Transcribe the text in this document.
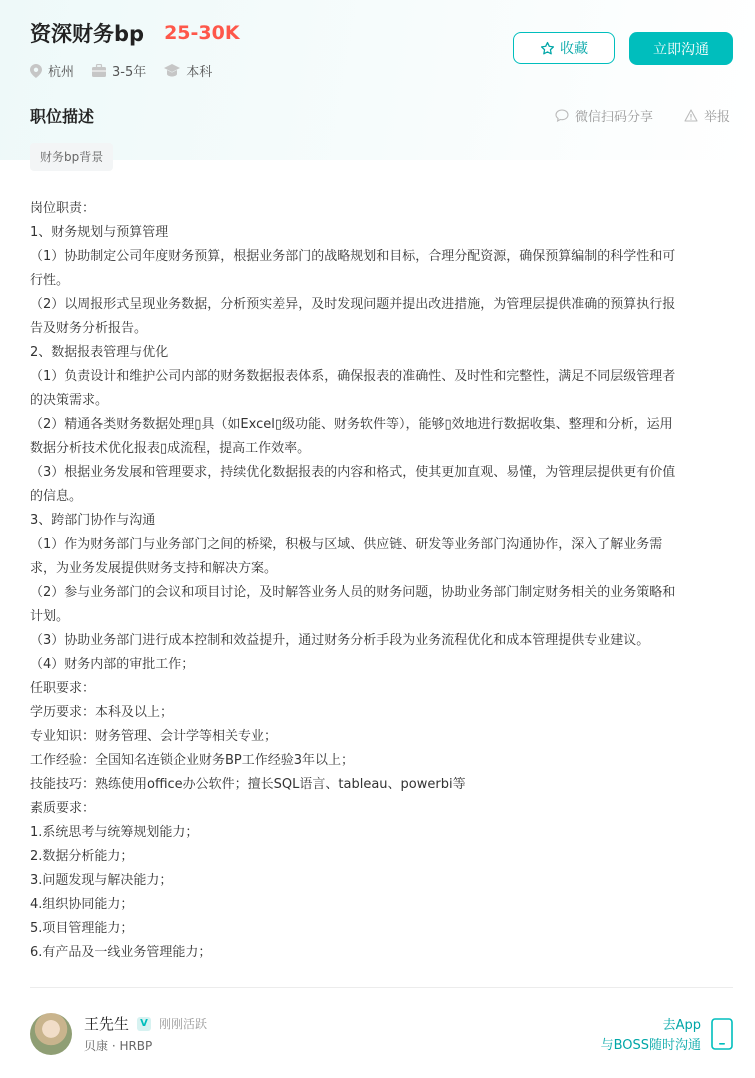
资深财务bp 25-30K
杭州	3-5年	本科
收藏	立即沟通
职位描述	微信扫码分享	举报
财务bp背景
岗位职责：
1、财务规划与预算管理
（1）协助制定公司年度财务预算，根据业务部门的战略规划和目标，合理分配资源，确保预算编制的科学性和可
行性。
（2）以周报形式呈现业务数据，分析预实差异，及时发现问题并提出改进措施，为管理层提供准确的预算执行报
告及财务分析报告。
2、数据报表管理与优化
（1）负责设计和维护公司内部的财务数据报表体系，确保报表的准确性、及时性和完整性，满足不同层级管理者
的决策需求。
（2）精通各类财务数据处理▯具（如Excel▯级功能、财务软件等），能够▯效地进行数据收集、整理和分析，运用
数据分析技术优化报表▯成流程，提高工作效率。
（3）根据业务发展和管理要求，持续优化数据报表的内容和格式，使其更加直观、易懂，为管理层提供更有价值
的信息。
3、跨部门协作与沟通
（1）作为财务部门与业务部门之间的桥梁，积极与区域、供应链、研发等业务部门沟通协作，深入了解业务需
求，为业务发展提供财务支持和解决方案。
（2）参与业务部门的会议和项目讨论，及时解答业务人员的财务问题，协助业务部门制定财务相关的业务策略和
计划。
（3）协助业务部门进行成本控制和效益提升，通过财务分析手段为业务流程优化和成本管理提供专业建议。
（4）财务内部的审批工作；
任职要求：
学历要求：本科及以上；
专业知识：财务管理、会计学等相关专业；
工作经验：全国知名连锁企业财务BP工作经验3年以上；
技能技巧：熟练使用office办公软件；擅长SQL语言、tableau、powerbi等
素质要求：
1.系统思考与统筹规划能力；
2.数据分析能力；
3.问题发现与解决能力；
4.组织协同能力；
5.项目管理能力；
6.有产品及一线业务管理能力；
王先生	V 刚刚活跃
贝康 · HRBP
去App
与BOSS随时沟通
